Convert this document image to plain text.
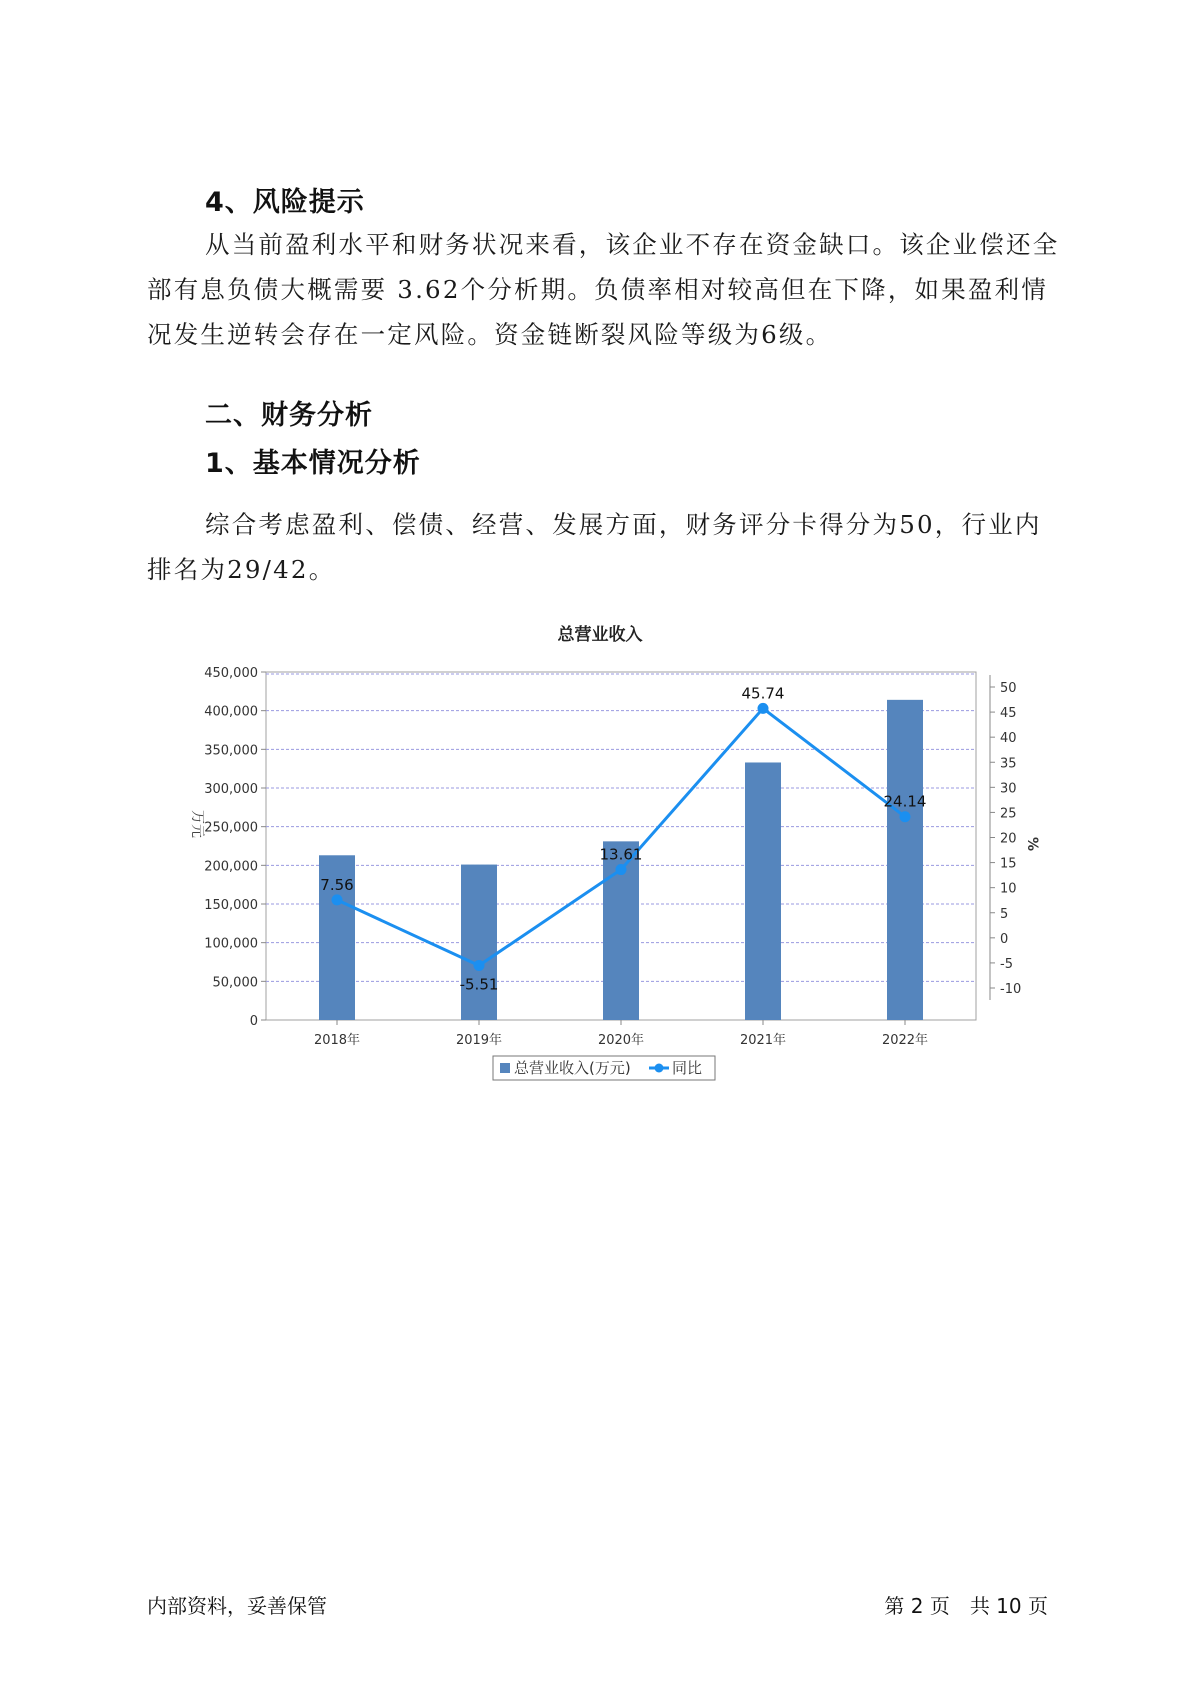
4、风险提示

从当前盈利水平和财务状况来看，该企业不存在资金缺口。该企业偿还全部有息负债大概需要 3.62个分析期。负债率相对较高但在下降，如果盈利情况发生逆转会存在一定风险。资金链断裂风险等级为6级。

二、财务分析
1、基本情况分析

综合考虑盈利、偿债、经营、发展方面，财务评分卡得分为50，行业内排名为29/42。

总营业收入
0
50,000
100,000
150,000
200,000
250,000
300,000
350,000
400,000
450,000
-10
-5
0
5
10
15
20
25
30
35
40
45
50
7.56
-5.51
13.61
45.74
24.14
2018年	2019年	2020年	2021年	2022年
万元
%
总营业收入(万元)	同比
内部资料，妥善保管	第 2 页　共 10 页
